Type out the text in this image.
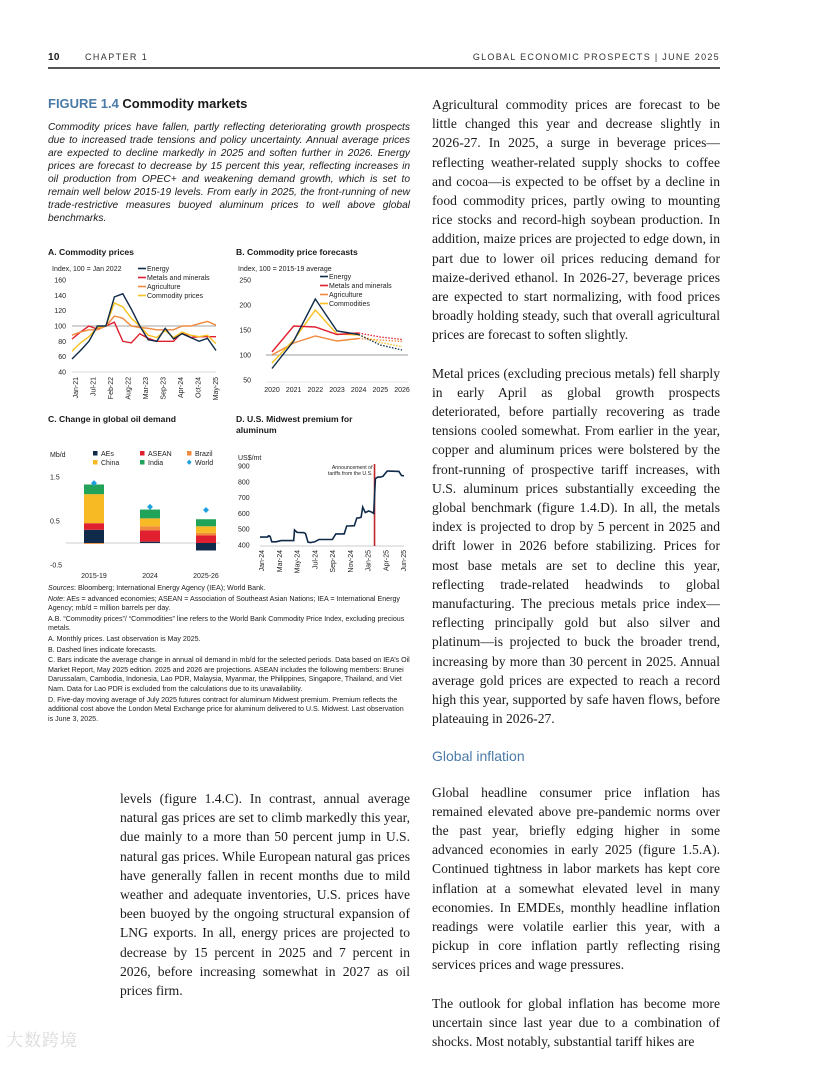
10	CHAPTER 1	GLOBAL ECONOMIC PROSPECTS | JUNE 2025

FIGURE 1.4 Commodity markets

Commodity prices have fallen, partly reflecting deteriorating growth prospects due to increased trade tensions and policy uncertainty. Annual average prices are expected to decline markedly in 2025 and soften further in 2026. Energy prices are forecast to decrease by 15 percent this year, reflecting increases in oil production from OPEC+ and weakening demand growth, which is set to remain well below 2015-19 levels. From early in 2025, the front-running of new trade-restrictive measures buoyed aluminum prices to well above global benchmarks.

A. Commodity prices

Index, 100 = Jan 2022
40
60
80
100
120
140
160
Jan-21 Jul-21 Feb-22 Aug-22 Mar-23 Sep-23 Apr-24 Oct-24 May-25
Energy
Metals and minerals
Agriculture
Commodity prices

B. Commodity price forecasts

Index, 100 = 2015-19 average
50
100
150
200
250
2020 2021 2022 2023 2024 2025 2026
Energy
Metals and minerals
Agriculture
Commodities

C. Change in global oil demand

Mb/d
-0.5
0.5
1.5
2015-19	2024	2025-26
AEs	ASEAN	Brazil
China	India	World

D. U.S. Midwest premium for aluminum

US$/mt
400
500
600
700
800
900	Announcement of
tariffs from the U.S.
Jan-24 Mar-24 May-24 Jul-24 Sep-24 Nov-24 Jan-25 Apr-25 Jun-25

Sources: Bloomberg; International Energy Agency (IEA); World Bank.

Note: AEs = advanced economies; ASEAN = Association of Southeast Asian Nations; IEA = International Energy Agency; mb/d = million barrels per day.

A.B. “Commodity prices”/ “Commodities” line refers to the World Bank Commodity Price Index, excluding precious metals.

A. Monthly prices. Last observation is May 2025.

B. Dashed lines indicate forecasts.

C. Bars indicate the average change in annual oil demand in mb/d for the selected periods. Data based on IEA’s Oil Market Report, May 2025 edition. 2025 and 2026 are projections. ASEAN includes the following members: Brunei Darussalam, Cambodia, Indonesia, Lao PDR, Malaysia, Myanmar, the Philippines, Singapore, Thailand, and Viet Nam. Data for Lao PDR is excluded from the calculations due to its unavailability.

D. Five-day moving average of July 2025 futures contract for aluminum Midwest premium. Premium reflects the additional cost above the London Metal Exchange price for aluminum delivered to U.S. Midwest. Last observation is June 3, 2025.

levels (figure 1.4.C). In contrast, annual average natural gas prices are set to climb markedly this year, due mainly to a more than 50 percent jump in U.S. natural gas prices. While European natural gas prices have generally fallen in recent months due to mild weather and adequate inventories, U.S. prices have been buoyed by the ongoing structural expansion of LNG exports. In all, energy prices are projected to decrease by 15 percent in 2025 and 7 percent in 2026, before increasing somewhat in 2027 as oil prices firm.

Agricultural commodity prices are forecast to be little changed this year and decrease slightly in 2026-27. In 2025, a surge in beverage prices—reflecting weather-related supply shocks to coffee and cocoa—is expected to be offset by a decline in food commodity prices, partly owing to mounting rice stocks and record-high soybean production. In addition, maize prices are projected to edge down, in part due to lower oil prices reducing demand for maize-derived ethanol. In 2026-27, beverage prices are expected to start normalizing, with food prices broadly holding steady, such that overall agricultural prices are forecast to soften slightly.

Metal prices (excluding precious metals) fell sharply in early April as global growth prospects deteriorated, before partially recovering as trade tensions cooled somewhat. From earlier in the year, copper and aluminum prices were bolstered by the front-running of prospective tariff increases, with U.S. aluminum prices substantially exceeding the global benchmark (figure 1.4.D). In all, the metals index is projected to drop by 5 percent in 2025 and drift lower in 2026 before stabilizing. Prices for most base metals are set to decline this year, reflecting trade-related headwinds to global manufacturing. The precious metals price index—reflecting principally gold but also silver and platinum—is projected to buck the broader trend, increasing by more than 30 percent in 2025. Annual average gold prices are expected to reach a record high this year, supported by safe haven flows, before plateauing in 2026-27.

Global inflation

Global headline consumer price inflation has remained elevated above pre-pandemic norms over the past year, briefly edging higher in some advanced economies in early 2025 (figure 1.5.A). Continued tightness in labor markets has kept core inflation at a somewhat elevated level in many economies. In EMDEs, monthly headline inflation readings were volatile earlier this year, with a pickup in core inflation partly reflecting rising services prices and wage pressures.

The outlook for global inflation has become more uncertain since last year due to a combination of shocks. Most notably, substantial tariff hikes are

大数跨境
